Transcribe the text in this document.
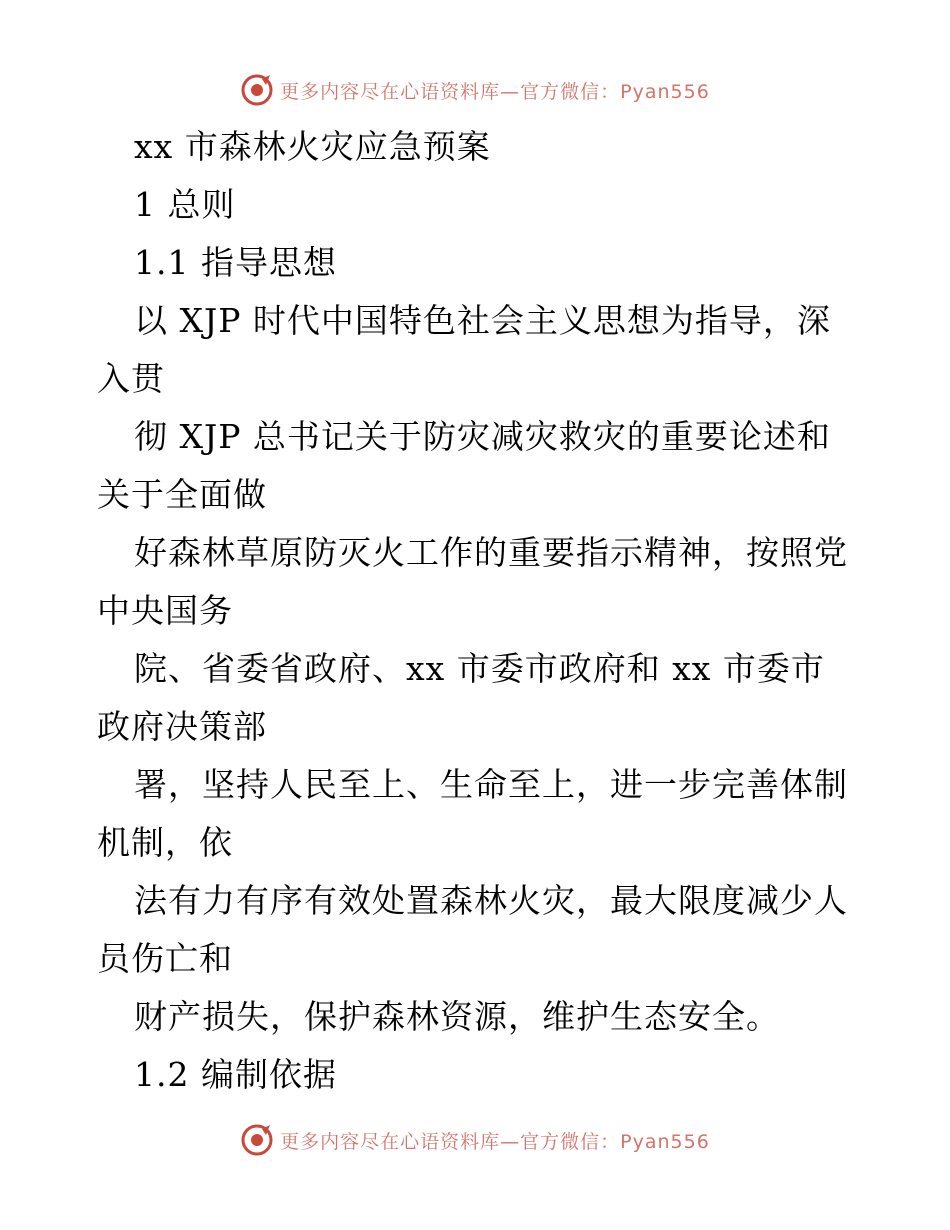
更多内容尽在心语资料库—官方微信：Pyan556
xx 市森林火灾应急预案
1 总则
1.1 指导思想
以 XJP 时代中国特色社会主义思想为指导，深
入贯
彻 XJP 总书记关于防灾减灾救灾的重要论述和
关于全面做
好森林草原防灭火工作的重要指示精神，按照党
中央国务
院、省委省政府、xx 市委市政府和 xx 市委市
政府决策部
署，坚持人民至上、生命至上，进一步完善体制
机制，依
法有力有序有效处置森林火灾，最大限度减少人
员伤亡和
财产损失，保护森林资源，维护生态安全。
1.2 编制依据
更多内容尽在心语资料库—官方微信：Pyan556
